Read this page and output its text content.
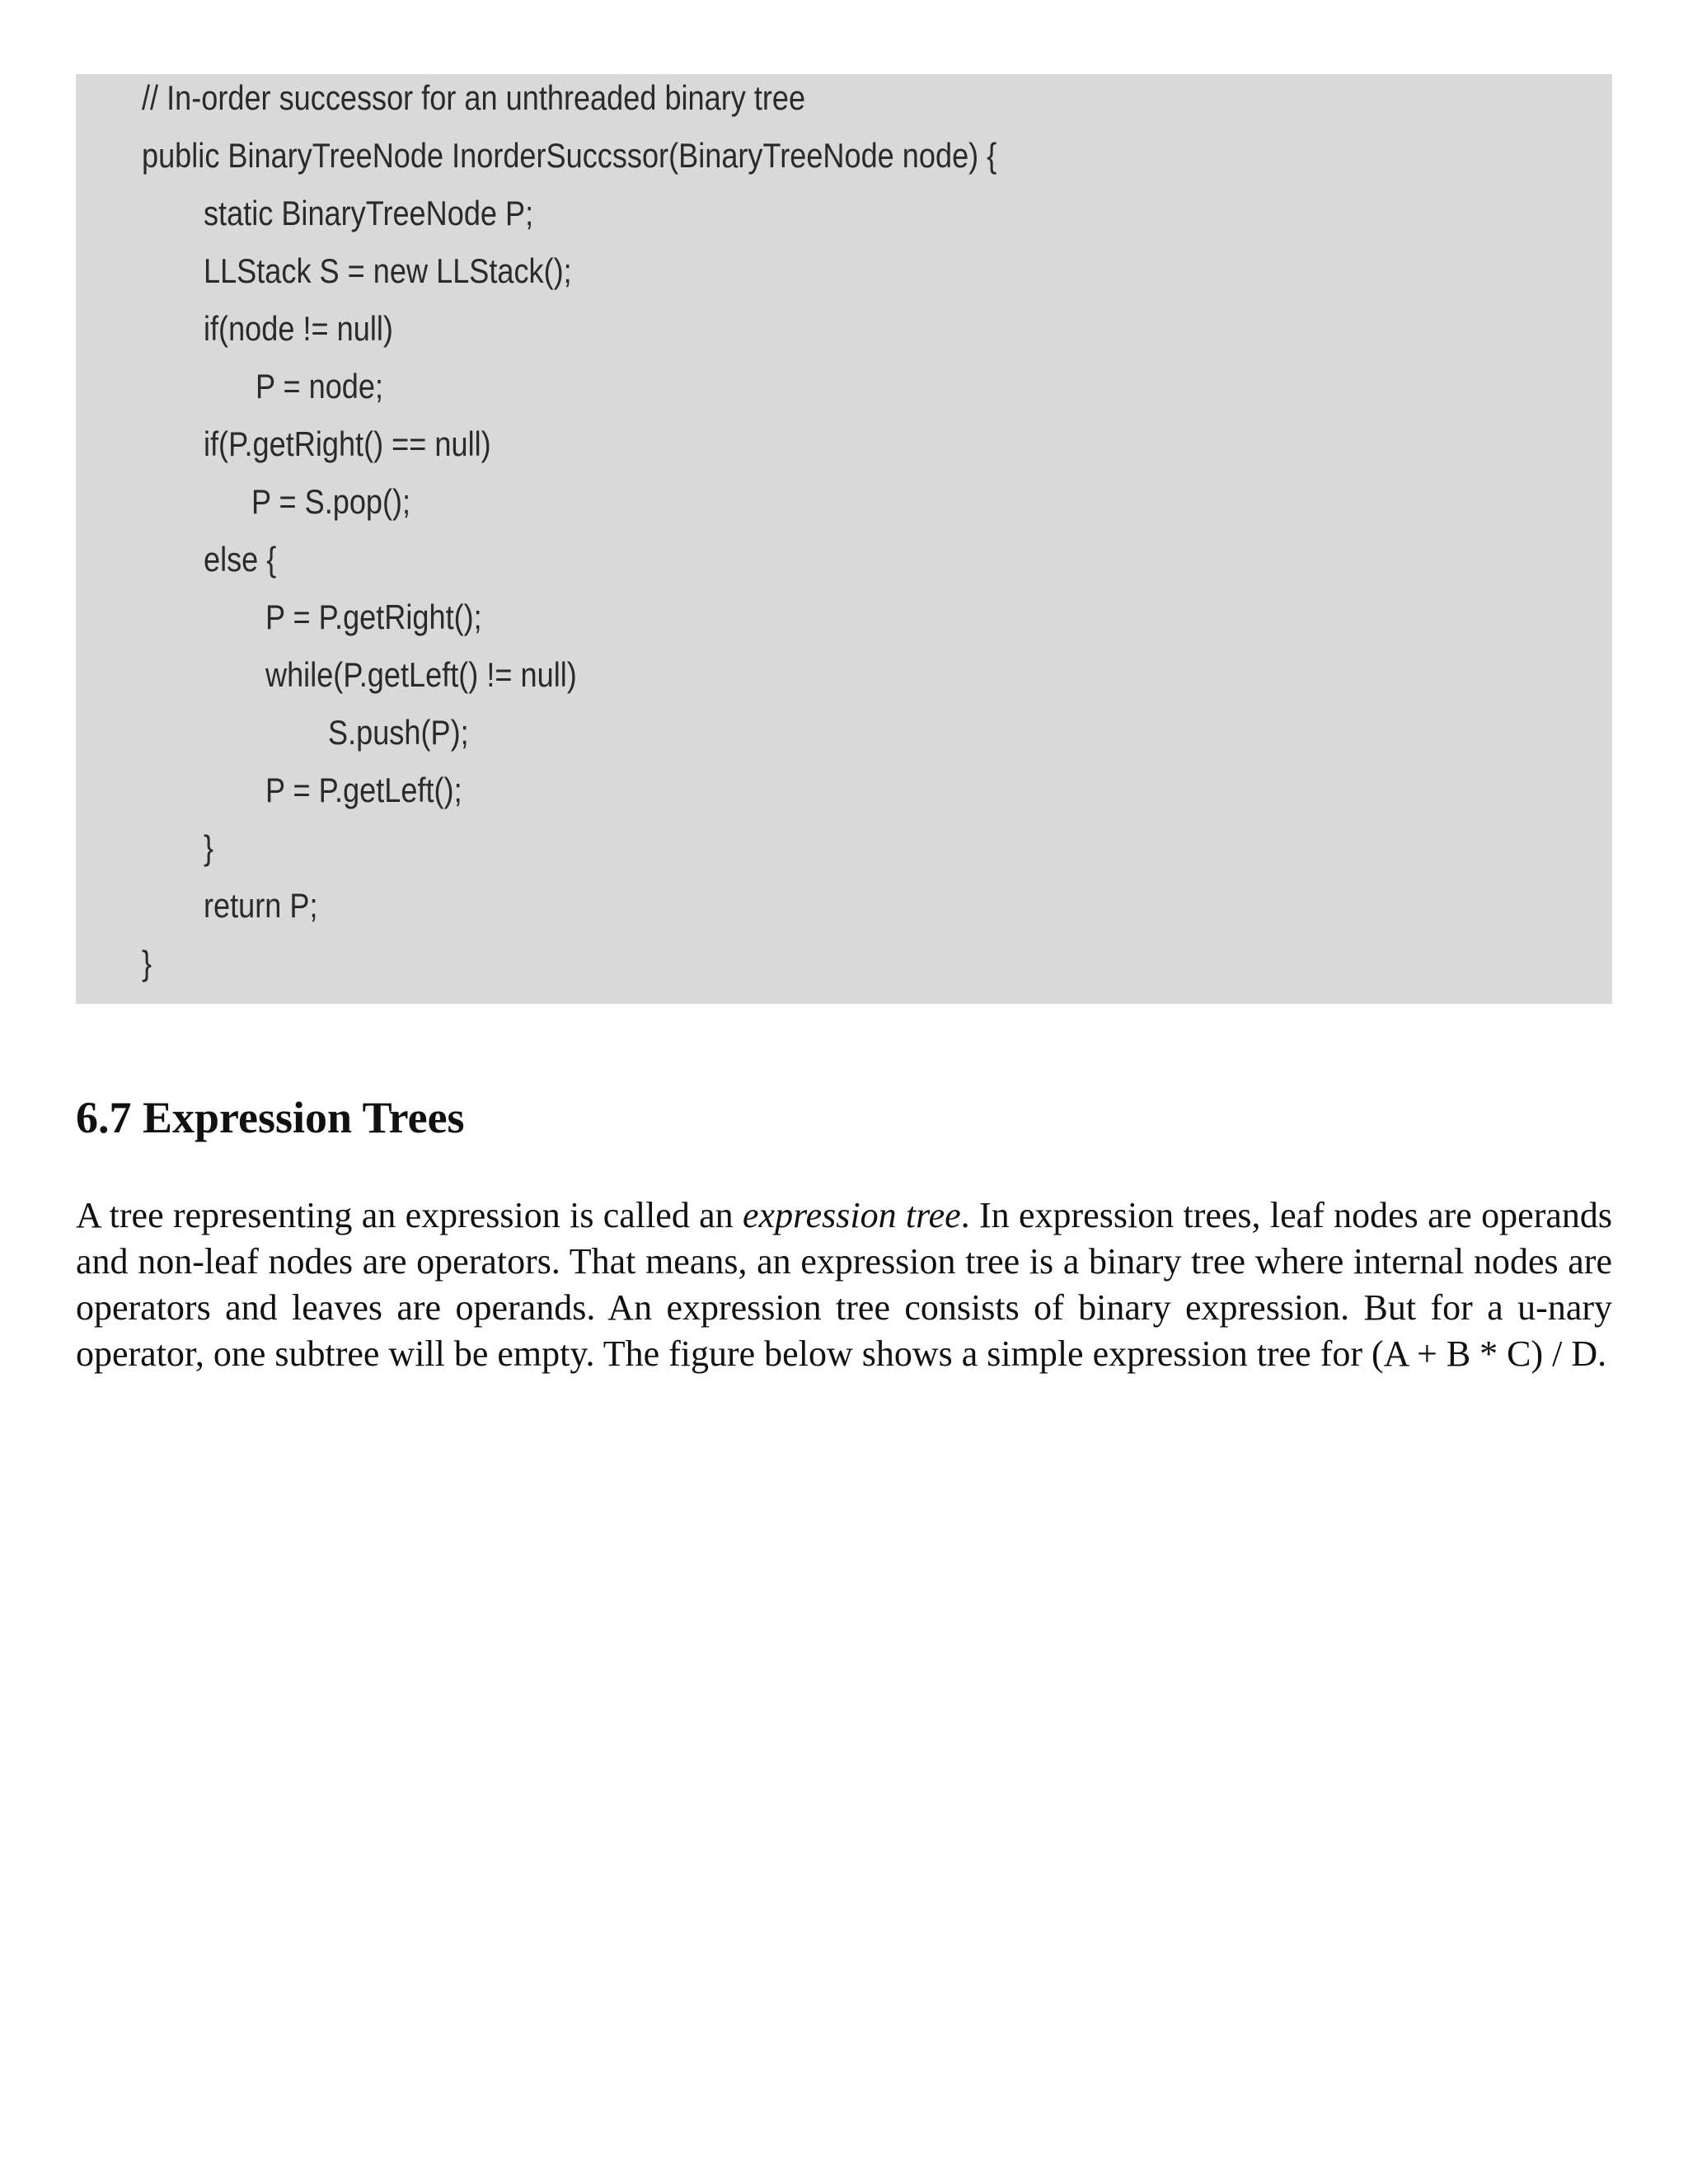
// In-order successor for an unthreaded binary tree
public BinaryTreeNode InorderSuccssor(BinaryTreeNode node) {
static BinaryTreeNode P;
LLStack S = new LLStack();
if(node != null)
P = node;
if(P.getRight() == null)
P = S.pop();
else {
P = P.getRight();
while(P.getLeft() != null)
S.push(P);
P = P.getLeft();
}
return P;
}
6.7 Expression Trees

A tree representing an expression is called an expression tree. In expression trees, leaf nodes are operands and non-leaf nodes are operators. That means, an expression tree is a binary tree where internal nodes are operators and leaves are operands. An expression tree consists of binary expression. But for a u-nary operator, one subtree will be empty. The figure below shows a simple expression tree for (A + B * C) / D.
